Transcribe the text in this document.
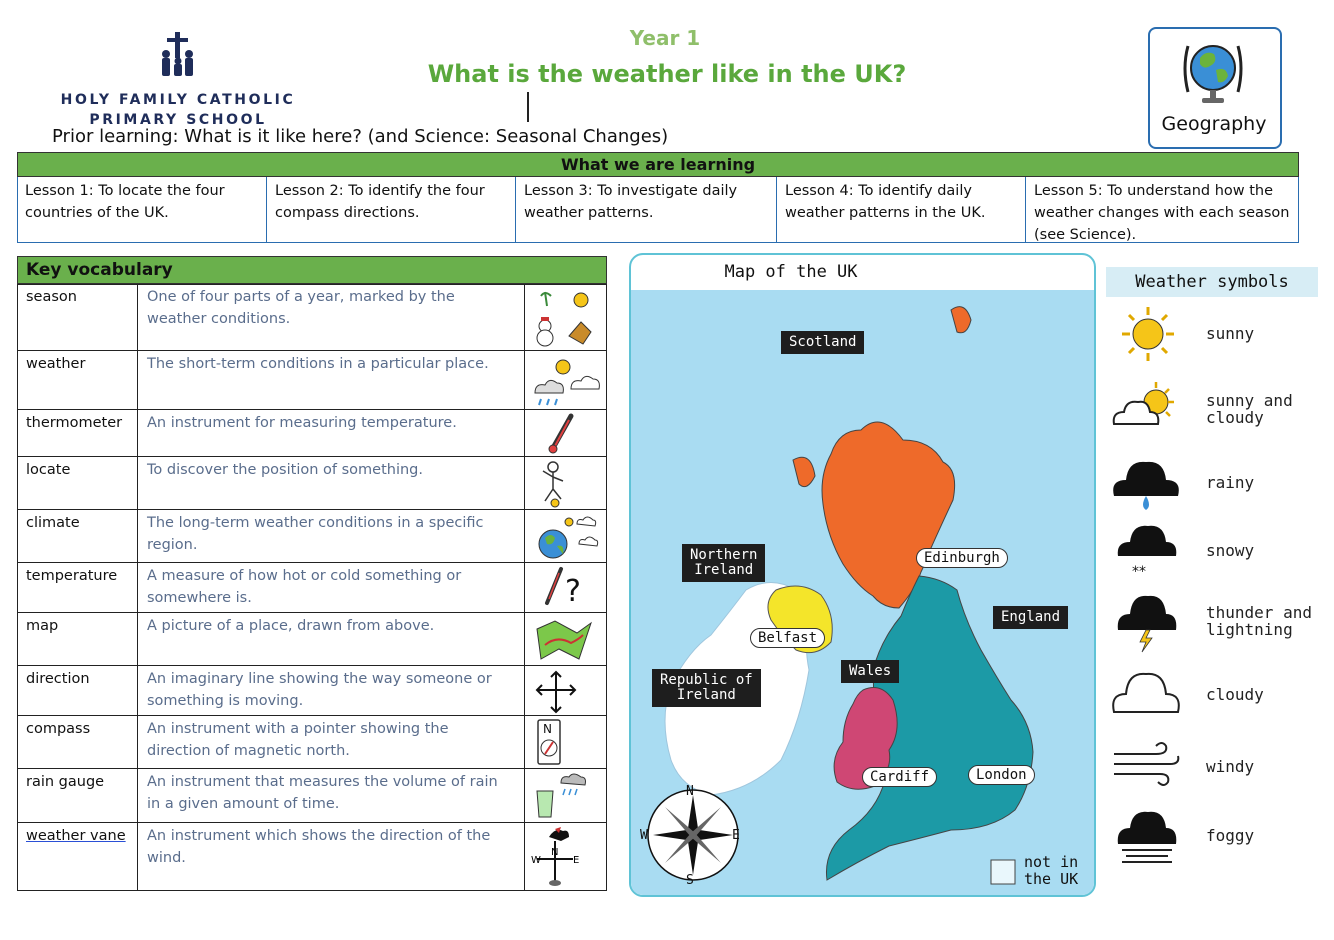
HOLY FAMILY CATHOLIC
PRIMARY SCHOOL
Year 1
What is the weather like in the UK?
Prior learning: What is it like here? (and Science: Seasonal Changes)
Geography
What we are learning
Lesson 1: To locate the four countries of the UK.
Lesson 2: To identify the four compass directions.
Lesson 3: To investigate daily weather patterns.
Lesson 4: To identify daily weather patterns in the UK.
Lesson 5: To understand how the weather changes with each season (see Science).
Key vocabulary
season
weather
thermometer
locate
climate
temperature
map
direction
compass
rain gauge
weather vane
One of four parts of a year, marked by the weather conditions.
The short-term conditions in a particular place.
An instrument for measuring temperature.
To discover the position of something.
The long-term weather conditions in a specific region.
A measure of how hot or cold something or somewhere is.
A picture of a place, drawn from above.
An imaginary line showing the way someone or something is moving.
An instrument with a pointer showing the direction of magnetic north.
An instrument that measures the volume of rain in a given amount of time.
An instrument which shows the direction of the wind.
?
N
W	E
N
Map of the UK
N
S
E
W
Scotland
Northern
Ireland
England
Wales
Republic of
Ireland
Edinburgh
Belfast
Cardiff	London
not in
the UK
Weather symbols
sunny
sunny and
cloudy
rainy
**
snowy
thunder and
lightning
cloudy
windy
foggy
